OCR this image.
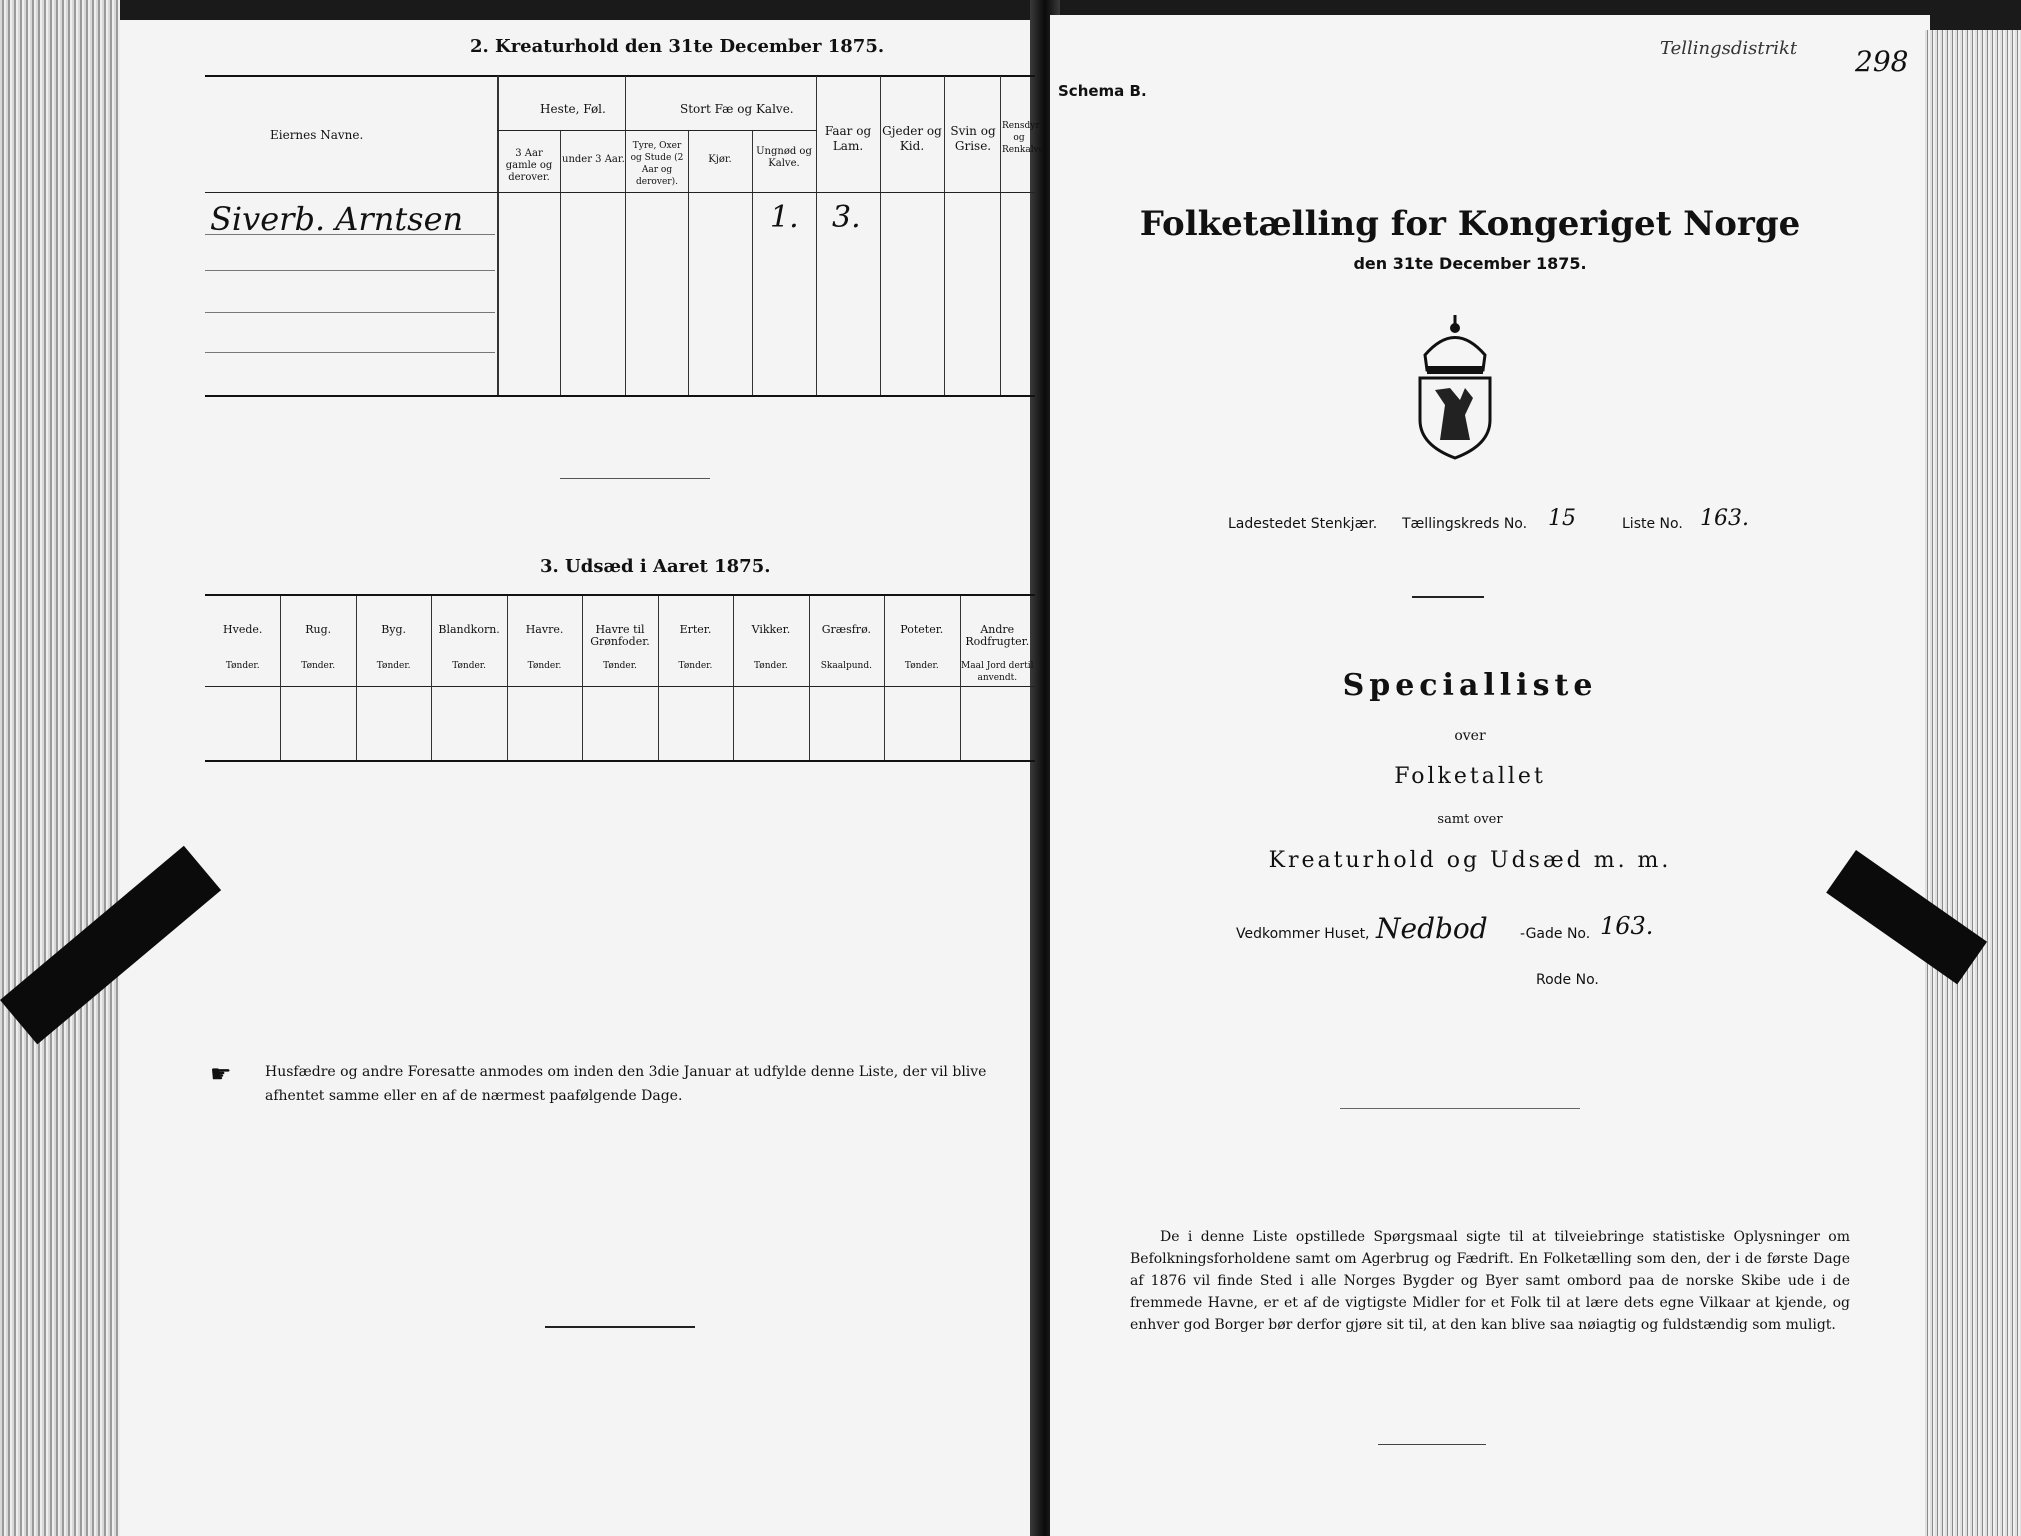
2. Kreaturhold den 31te December 1875.
Eiernes Navne.
Heste, Føl.
3 Aar gamle og derover.
under 3 Aar.
Stort Fæ og Kalve.
Tyre, Oxer og Stude (2 Aar og derover).
Kjør.
Ungnød og Kalve.
Faar og Lam.
Gjeder og Kid.
Svin og Grise.
Rensdyr og Renkalve
Siverb. Arntsen	1. 3.
3. Udsæd i Aaret 1875.
Hvede.
Tønder.
Rug.
Tønder.
Byg.
Tønder.
Blandkorn.
Tønder.
Havre.
Tønder.
Havre til Grønfoder.
Tønder.
Erter.
Tønder.
Vikker.
Tønder.
Græsfrø.
Skaalpund.
Poteter.
Tønder.
Andre Rodfrugter.
Maal Jord dertil anvendt.
☛ Husfædre og andre Foresatte anmodes om inden den 3die Januar at udfylde denne Liste, der vil blive afhentet samme eller en af de nærmest paafølgende Dage.
Schema B.
Tellingsdistrikt 298
Folketælling for Kongeriget Norge
den 31te December 1875.
Ladestedet Stenkjær. Tællingskreds No. 15	Liste No. 163.
Specialliste
over
Folketallet
samt over
Kreaturhold og Udsæd m. m.
Vedkommer Huset, Nedbod -Gade No. 163.
Rode No.
De i denne Liste opstillede Spørgsmaal sigte til at tilveiebringe statistiske Oplysninger om Befolkningsforholdene samt om Agerbrug og Fædrift. En Folketælling som den, der i de første Dage af 1876 vil finde Sted i alle Norges Bygder og Byer samt ombord paa de norske Skibe ude i de fremmede Havne, er et af de vigtigste Midler for et Folk til at lære dets egne Vilkaar at kjende, og enhver god Borger bør derfor gjøre sit til, at den kan blive saa nøiagtig og fuldstændig som muligt.
